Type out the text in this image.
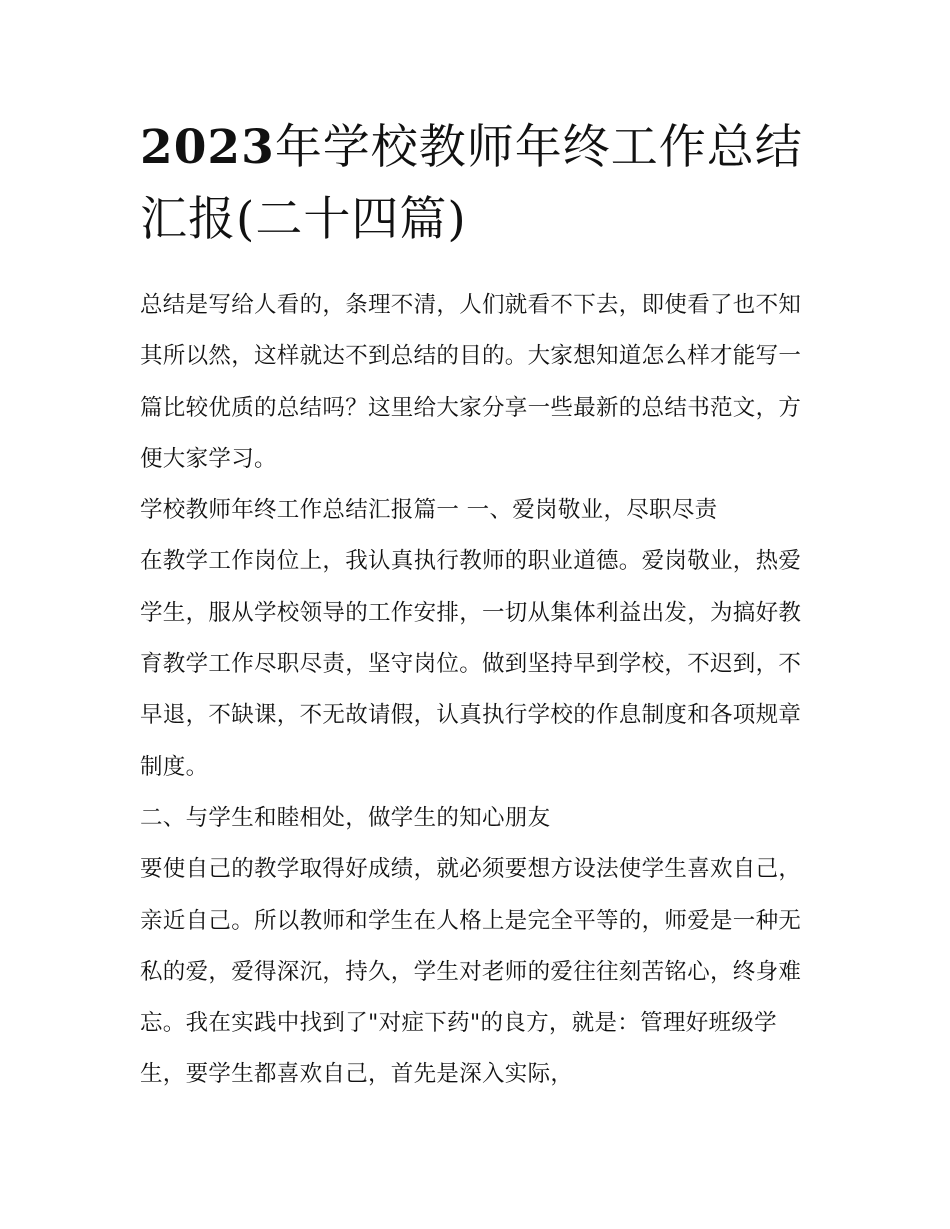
2023年学校教师年终工作总结汇报(二十四篇)

总结是写给人看的，条理不清，人们就看不下去，即使看了也不知其所以然，这样就达不到总结的目的。大家想知道怎么样才能写一篇比较优质的总结吗？这里给大家分享一些最新的总结书范文，方便大家学习。

学校教师年终工作总结汇报篇一 一、爱岗敬业，尽职尽责

在教学工作岗位上，我认真执行教师的职业道德。爱岗敬业，热爱学生，服从学校领导的工作安排，一切从集体利益出发，为搞好教育教学工作尽职尽责，坚守岗位。做到坚持早到学校，不迟到，不早退，不缺课，不无故请假，认真执行学校的作息制度和各项规章制度。

二、与学生和睦相处，做学生的知心朋友

要使自己的教学取得好成绩，就必须要想方设法使学生喜欢自己，亲近自己。所以教师和学生在人格上是完全平等的，师爱是一种无私的爱，爱得深沉，持久，学生对老师的爱往往刻苦铭心，终身难忘。我在实践中找到了"对症下药"的良方，就是：管理好班级学生，要学生都喜欢自己，首先是深入实际，
